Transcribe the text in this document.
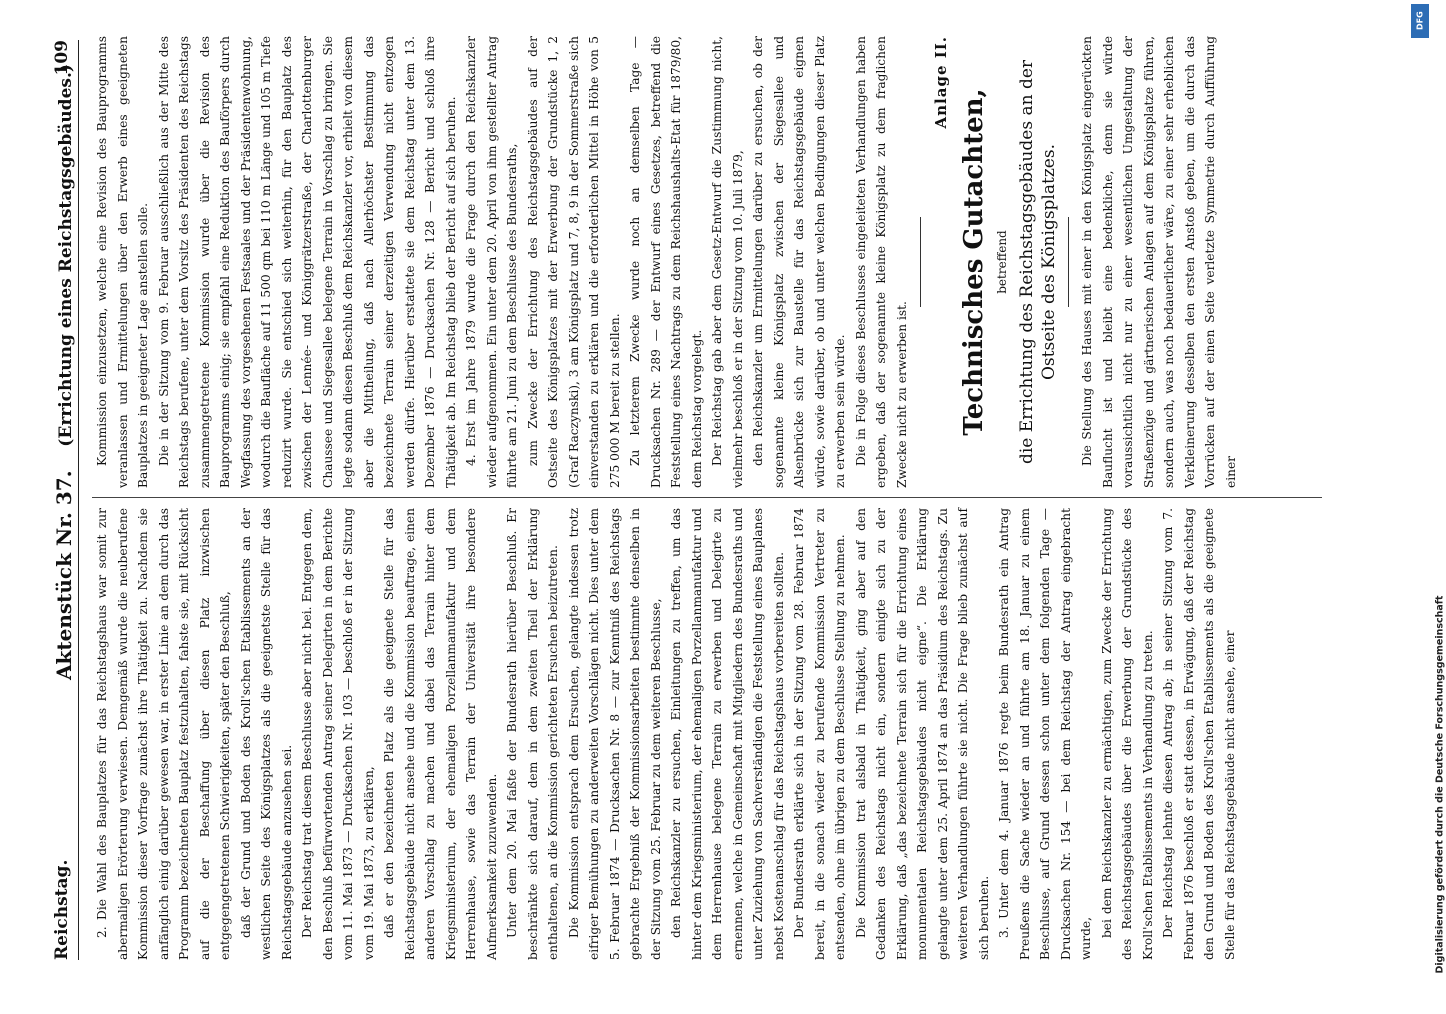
Reichstag.
Aktenstück Nr. 37.    (Errichtung eines Reichstagsgebäudes.)
109

2. Die Wahl des Bauplatzes für das Reichstagshaus war somit zur abermaligen Erörterung verwiesen. Demgemäß wurde die neuberufene Kommission dieser Vorfrage zunächst ihre Thätigkeit zu. Nachdem sie anfänglich einig darüber gewesen war, in erster Linie an dem durch das Programm bezeichneten Bauplatz festzuhalten, fahste sie, mit Rücksicht auf die der Beschaffung über diesen Platz inzwischen entgegengetretenen Schwierigkeiten, später den Beschluß, daß der Grund und Boden des Kroll'schen Etablissements an der westlichen Seite des Königsplatzes als die geeignetste Stelle für das Reichstagsgebäude anzusehen sei. Der Reichstag trat diesem Beschlusse aber nicht bei. Entgegen dem, den Beschluß befürwortenden Antrag seiner Delegirten in dem Berichte vom 11. Mai 1873 — Drucksachen Nr. 103 — beschloß er in der Sitzung vom 19. Mai 1873, zu erklären, daß er den bezeichneten Platz als die geeignete Stelle für das Reichstagsgebäude nicht ansehe und die Kommission beauftrage, einen anderen Vorschlag zu machen und dabei das Terrain hinter dem Kriegsministerium, der ehemaligen Porzellanmanufaktur und dem Herrenhause, sowie das Terrain der Universität ihre besondere Aufmerksamkeit zuzuwenden. Unter dem 20. Mai faßte der Bundesrath hierüber Beschluß. Er beschränkte sich darauf, dem in dem zweiten Theil der Erklärung enthaltenen, an die Kommission gerichteten Ersuchen beizutreten. Die Kommission entsprach dem Ersuchen, gelangte indessen trotz eifriger Bemühungen zu anderweiten Vorschlägen nicht. Dies unter dem 5. Februar 1874 — Drucksachen Nr. 8 — zur Kenntniß des Reichstags gebrachte Ergebniß der Kommissionsarbeiten bestimmte denselben in der Sitzung vom 25. Februar zu dem weiteren Beschlusse, den Reichskanzler zu ersuchen, Einleitungen zu treffen, um das hinter dem Kriegsministerium, der ehemaligen Porzellanmanufaktur und dem Herrenhause belegene Terrain zu erwerben und Delegirte zu ernennen, welche in Gemeinschaft mit Mitgliedern des Bundesraths und unter Zuziehung von Sachverständigen die Feststellung eines Bauplanes nebst Kostenanschlag für das Reichstagshaus vorbereiten sollten. Der Bundesrath erklärte sich in der Sitzung vom 28. Februar 1874 bereit, in die sonach wieder zu berufende Kommission Vertreter zu entsenden, ohne im übrigen zu dem Beschlusse Stellung zu nehmen. Die Kommission trat alsbald in Thätigkeit, ging aber auf den Gedanken des Reichstags nicht ein, sondern einigte sich zu der Erklärung, daß „das bezeichnete Terrain sich für die Errichtung eines monumentalen Reichstagsgebäudes nicht eigne“. Die Erklärung gelangte unter dem 25. April 1874 an das Präsidium des Reichstags. Zu weiteren Verhandlungen führte sie nicht. Die Frage blieb zunächst auf sich beruhen. 3. Unter dem 4. Januar 1876 regte beim Bundesrath ein Antrag Preußens die Sache wieder an und führte am 18. Januar zu einem Beschlusse, auf Grund dessen schon unter dem folgenden Tage — Drucksachen Nr. 154 — bei dem Reichstag der Antrag eingebracht wurde,

bei dem Reichskanzler zu ermächtigen, zum Zwecke der Errichtung des Reichstagsgebäudes über die Erwerbung der Grundstücke des Kroll'schen Etablissements in Verhandlung zu treten. Der Reichstag lehnte diesen Antrag ab; in seiner Sitzung vom 7. Februar 1876 beschloß er statt dessen, in Erwägung, daß der Reichstag den Grund und Boden des Kroll'schen Etablissements als die geeignete Stelle für das Reichstagsgebäude nicht ansehe, einer

Kommission einzusetzen, welche eine Revision des Bauprogramms veranlassen und Ermittelungen über den Erwerb eines geeigneten Bauplatzes in geeigneter Lage anstellen solle. Die in der Sitzung vom 9. Februar ausschließlich aus der Mitte des Reichstags berufene, unter dem Vorsitz des Präsidenten des Reichstags zusammengetretene Kommission wurde über die Revision des Bauprogramms einig; sie empfahl eine Reduktion des Bauförpers durch Wegfassung des vorgesehenen Festsaales und der Präsidentenwohnung, wodurch die Baufläche auf 11 500 qm bei 110 m Länge und 105 m Tiefe reduzirt wurde. Sie entschied sich weiterhin, für den Bauplatz des zwischen der Lennée- und Königgrätzerstraße, der Charlottenburger Chaussee und Siegesallee belegene Terrain in Vorschlag zu bringen. Sie legte sodann diesen Beschluß dem Reichskanzler vor, erhielt von diesem aber die Mittheilung, daß nach Allerhöchster Bestimmung das bezeichnete Terrain seiner derzeitigen Verwendung nicht entzogen werden dürfe. Hierüber erstattete sie dem Reichstag unter dem 13. Dezember 1876 — Drucksachen Nr. 128 — Bericht und schloß ihre Thätigkeit ab. Im Reichstag blieb der Bericht auf sich beruhen. 4. Erst im Jahre 1879 wurde die Frage durch den Reichskanzler wieder aufgenommen. Ein unter dem 20. April von ihm gestellter Antrag führte am 21. Juni zu dem Beschlusse des Bundesraths, zum Zwecke der Errichtung des Reichstagsgebäudes auf der Ostseite des Königsplatzes mit der Erwerbung der Grundstücke 1, 2 (Graf Raczynski), 3 am Königsplatz und 7, 8, 9 in der Sommerstraße sich einverstanden zu erklären und die erforderlichen Mittel in Höhe von 5 275 000 M bereit zu stellen. Zu letzterem Zwecke wurde noch an demselben Tage — Drucksachen Nr. 289 — der Entwurf eines Gesetzes, betreffend die Feststellung eines Nachtrags zu dem Reichshaushalts-Etat für 1879/80, dem Reichstag vorgelegt. Der Reichstag gab aber dem Gesetz-Entwurf die Zustimmung nicht, vielmehr beschloß er in der Sitzung vom 10. Juli 1879, den Reichskanzler um Ermittelungen darüber zu ersuchen, ob der sogenannte kleine Königsplatz zwischen der Siegesallee und Alsenbrücke sich zur Baustelle für das Reichstagsgebäude eignen würde, sowie darüber, ob und unter welchen Bedingungen dieser Platz zu erwerben sein würde. Die in Folge dieses Beschlusses eingeleiteten Verhandlungen haben ergeben, daß der sogenannte kleine Königsplatz zu dem fraglichen Zwecke nicht zu erwerben ist.

Anlage II.
Technisches Gutachten, betreffend die Errichtung des Reichstagsgebäudes an der Ostseite des Königsplatzes. Die Stellung des Hauses mit einer in den Königsplatz eingerückten Bauflucht ist und bleibt eine bedenkliche, denn sie würde voraussichtlich nicht nur zu einer wesentlichen Umgestaltung der Straßenzüge und gärtnerischen Anlagen auf dem Königsplatze führen, sondern auch, was noch bedauerlicher wäre, zu einer sehr erheblichen Verkleinerung desselben den ersten Anstoß geben, um die durch das Vorrücken auf der einen Seite verletzte Symmetrie durch Aufführung einer

Digitalisierung gefördert durch die Deutsche Forschungsgemeinschaft
DFG
